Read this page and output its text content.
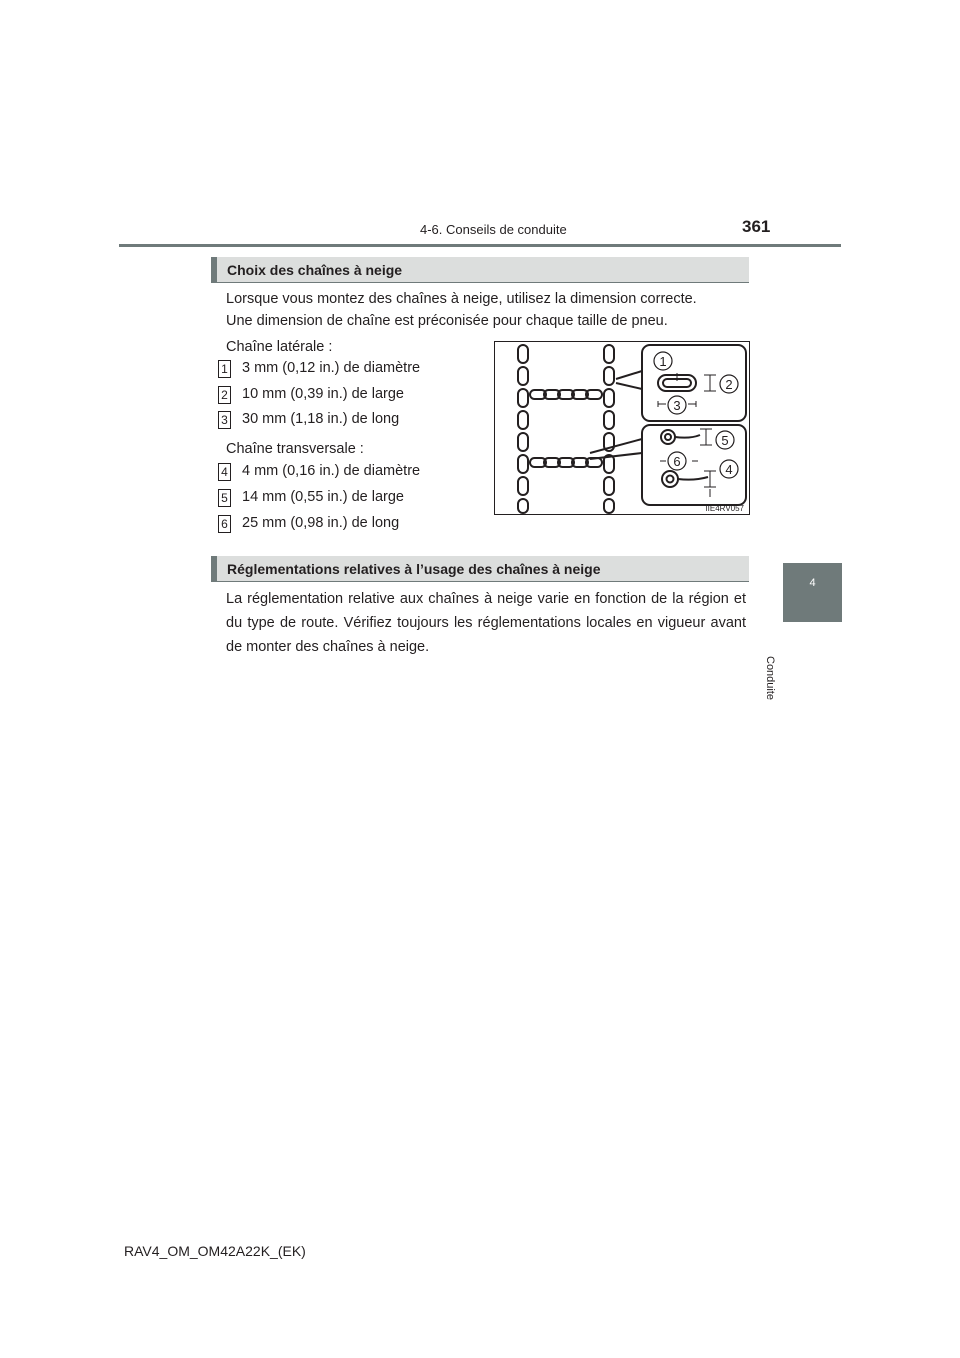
4-6. Conseils de conduite	361
4
Conduite
Choix des chaînes à neige
Lorsque vous montez des chaînes à neige, utilisez la dimension correcte.
Une dimension de chaîne est préconisée pour chaque taille de pneu.
Chaîne latérale :
1 3 mm (0,12 in.) de diamètre
2 10 mm (0,39 in.) de large
3 30 mm (1,18 in.) de long
Chaîne transversale :
4 4 mm (0,16 in.) de diamètre
5 14 mm (0,55 in.) de large
6 25 mm (0,98 in.) de long
1
2
3
4
5
6
IIE4RV057
Réglementations relatives à l’usage des chaînes à neige
La réglementation relative aux chaînes à neige varie en fonction de la région et du type de route. Vérifiez toujours les réglementations locales en vigueur avant de monter des chaînes à neige.
RAV4_OM_OM42A22K_(EK)
